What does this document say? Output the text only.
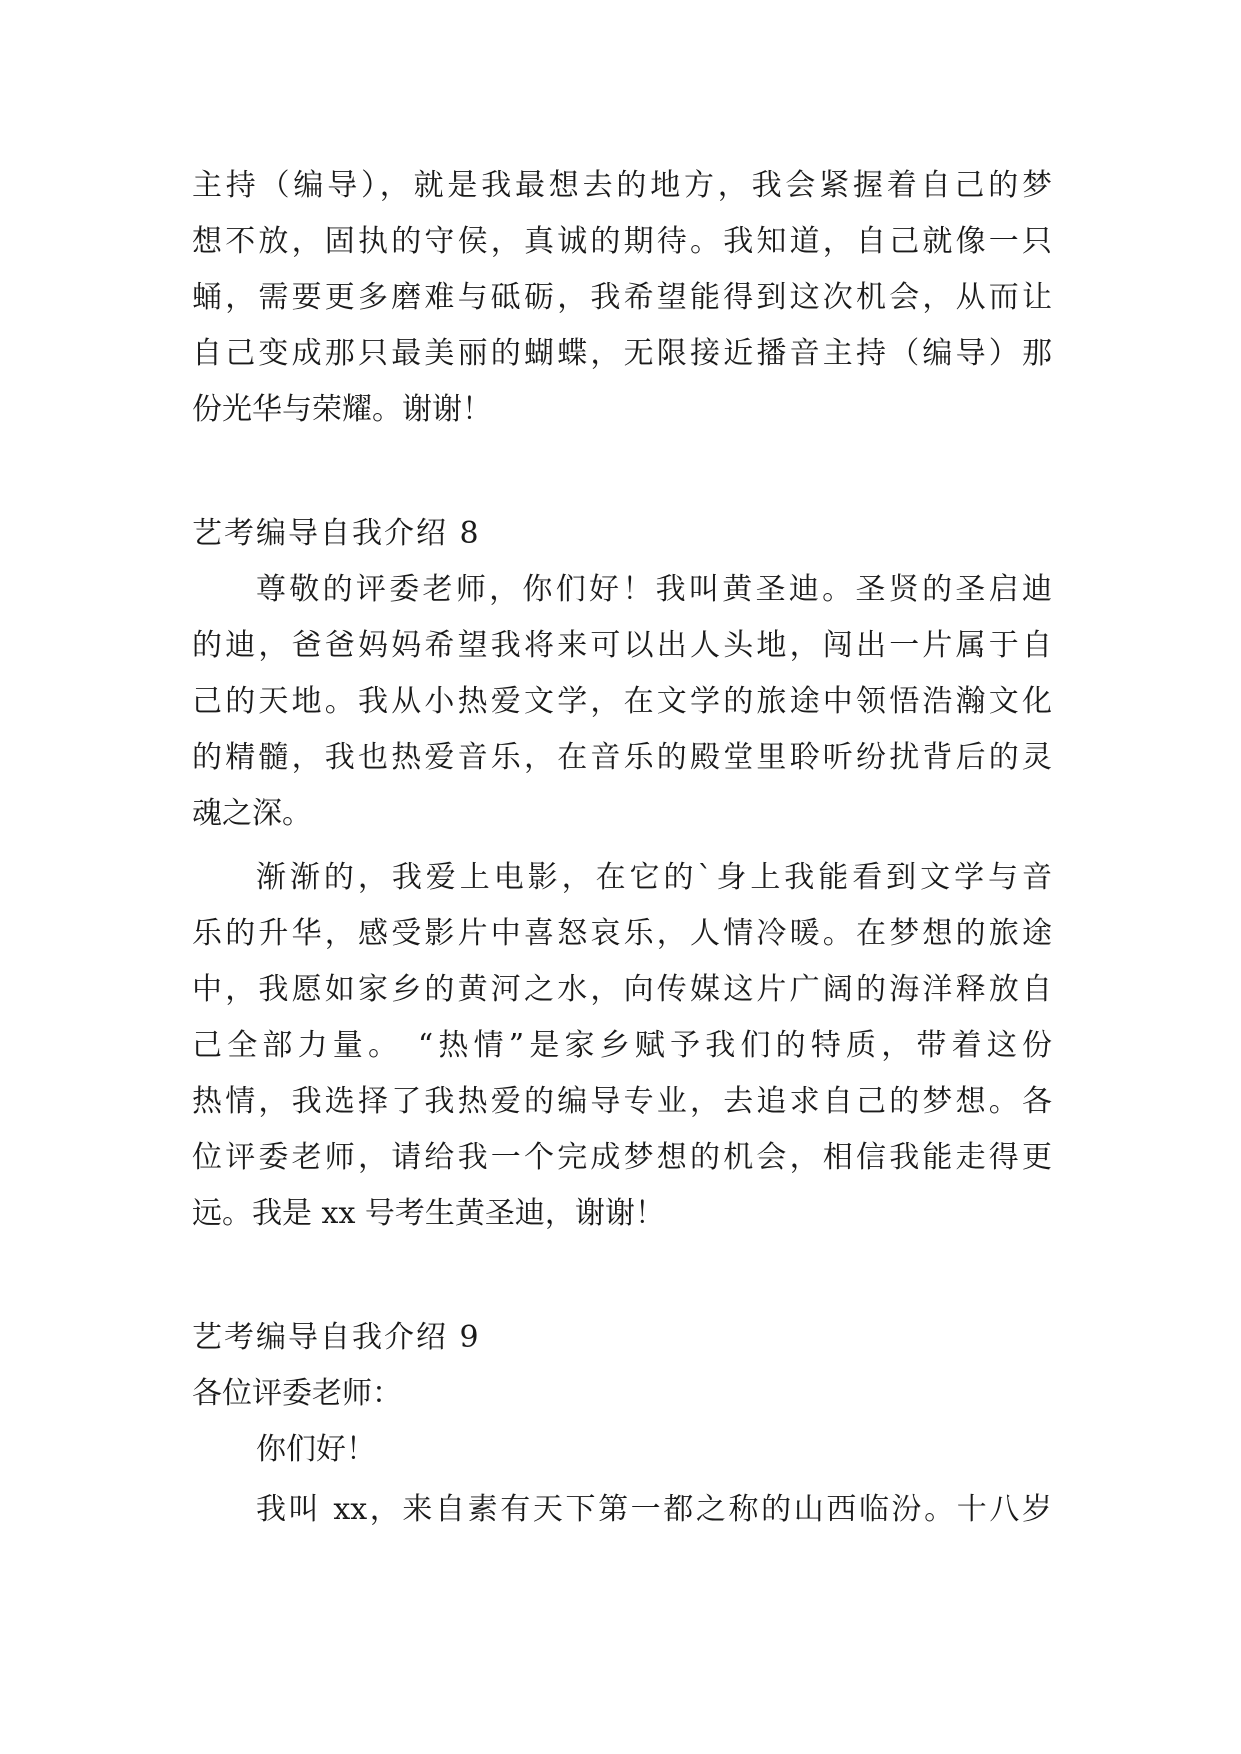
主持（编导），就是我最想去的地方，我会紧握着自己的梦
想不放，固执的守侯，真诚的期待。我知道，自己就像一只
蛹，需要更多磨难与砥砺，我希望能得到这次机会，从而让
自己变成那只最美丽的蝴蝶，无限接近播音主持（编导）那
份光华与荣耀。谢谢！
艺考编导自我介绍 8
尊敬的评委老师，你们好！我叫黄圣迪。圣贤的圣启迪
的迪，爸爸妈妈希望我将来可以出人头地，闯出一片属于自
己的天地。我从小热爱文学，在文学的旅途中领悟浩瀚文化
的精髓，我也热爱音乐，在音乐的殿堂里聆听纷扰背后的灵
魂之深。
渐渐的，我爱上电影，在它的`身上我能看到文学与音
乐的升华，感受影片中喜怒哀乐，人情冷暖。在梦想的旅途
中，我愿如家乡的黄河之水，向传媒这片广阔的海洋释放自
己全部力量。 “热情”是家乡赋予我们的特质，带着这份
热情，我选择了我热爱的编导专业，去追求自己的梦想。各
位评委老师，请给我一个完成梦想的机会，相信我能走得更
远。我是 xx 号考生黄圣迪，谢谢！
艺考编导自我介绍 9
各位评委老师：
你们好！
我叫 xx，来自素有天下第一都之称的山西临汾。十八岁
